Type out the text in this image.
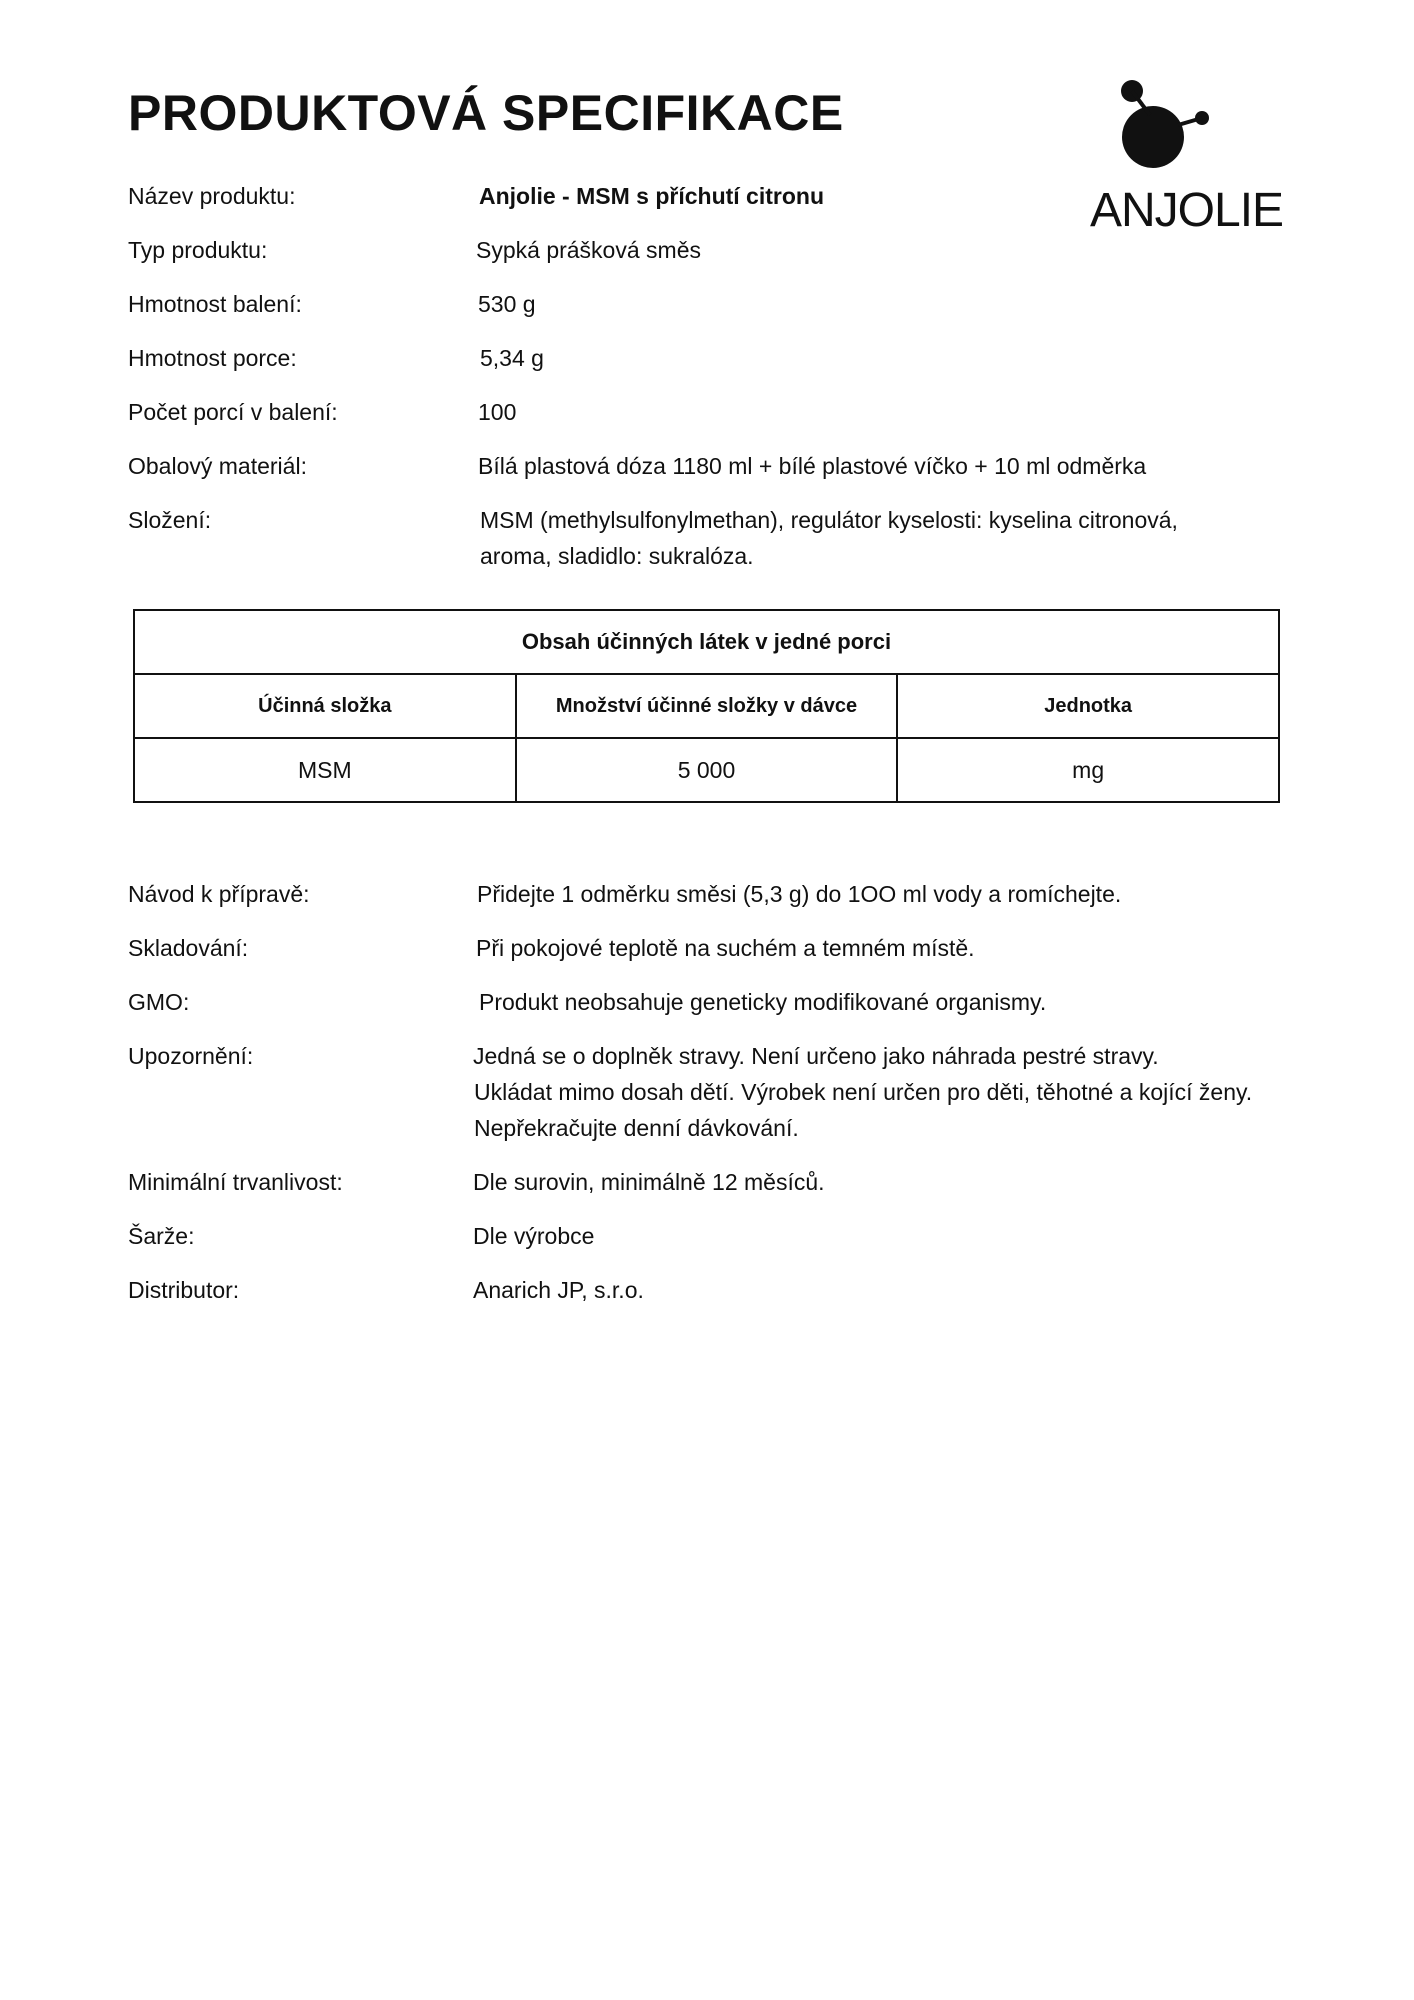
PRODUKTOVÁ SPECIFIKACE
ANJOLIE
Název produktu:	Anjolie - MSM s příchutí citronu
Typ produktu:	Sypká prášková směs
Hmotnost balení:	530 g
Hmotnost porce:	5,34 g
Počet porcí v balení:	100
Obalový materiál:	Bílá plastová dóza 1180 ml + bílé plastové víčko + 10 ml odměrka
Složení:	MSM (methylsulfonylmethan), regulátor kyselosti: kyselina citronová,
aroma, sladidlo: sukralóza.
Obsah účinných látek v jedné porci		
Účinná složka	Množství účinné složky v dávce	Jednotka
MSM	5 000	mg
Návod k přípravě:	Přidejte 1 odměrku směsi (5,3 g) do 1OO ml vody a romíchejte.
Skladování:	Při pokojové teplotě na suchém a temném místě.
GMO:	Produkt neobsahuje geneticky modifikované organismy.
Upozornění:	Jedná se o doplněk stravy. Není určeno jako náhrada pestré stravy.
Ukládat mimo dosah dětí. Výrobek není určen pro děti, těhotné a kojící ženy.
Nepřekračujte denní dávkování.
Minimální trvanlivost:	Dle surovin, minimálně 12 měsíců.
Šarže:	Dle výrobce
Distributor:	Anarich JP, s.r.o.
